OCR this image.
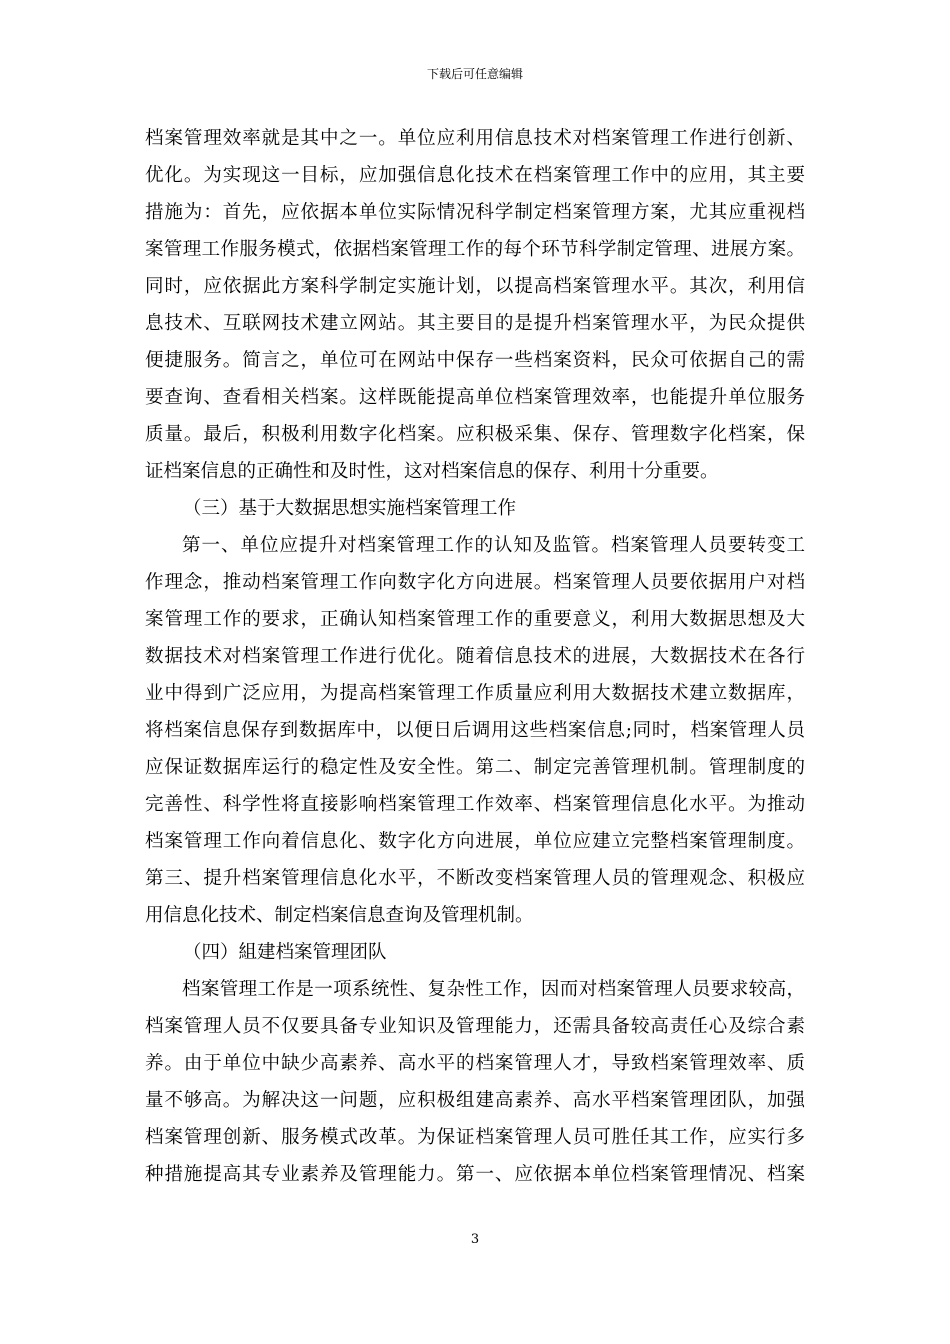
下载后可任意编辑
档案管理效率就是其中之一。单位应利用信息技术对档案管理工作进行创新、
优化。为实现这一目标，应加强信息化技术在档案管理工作中的应用，其主要
措施为：首先，应依据本单位实际情况科学制定档案管理方案，尤其应重视档
案管理工作服务模式，依据档案管理工作的每个环节科学制定管理、进展方案。
同时，应依据此方案科学制定实施计划，以提高档案管理水平。其次，利用信
息技术、互联网技术建立网站。其主要目的是提升档案管理水平，为民众提供
便捷服务。简言之，单位可在网站中保存一些档案资料，民众可依据自己的需
要查询、查看相关档案。这样既能提高单位档案管理效率，也能提升单位服务
质量。最后，积极利用数字化档案。应积极采集、保存、管理数字化档案，保
证档案信息的正确性和及时性，这对档案信息的保存、利用十分重要。
（三）基于大数据思想实施档案管理工作
第一、单位应提升对档案管理工作的认知及监管。档案管理人员要转变工
作理念，推动档案管理工作向数字化方向进展。档案管理人员要依据用户对档
案管理工作的要求，正确认知档案管理工作的重要意义，利用大数据思想及大
数据技术对档案管理工作进行优化。随着信息技术的进展，大数据技术在各行
业中得到广泛应用，为提高档案管理工作质量应利用大数据技术建立数据库，
将档案信息保存到数据库中，以便日后调用这些档案信息;同时，档案管理人员
应保证数据库运行的稳定性及安全性。第二、制定完善管理机制。管理制度的
完善性、科学性将直接影响档案管理工作效率、档案管理信息化水平。为推动
档案管理工作向着信息化、数字化方向进展，单位应建立完整档案管理制度。
第三、提升档案管理信息化水平，不断改变档案管理人员的管理观念、积极应
用信息化技术、制定档案信息查询及管理机制。
（四）組建档案管理团队
档案管理工作是一项系统性、复杂性工作，因而对档案管理人员要求较高，
档案管理人员不仅要具备专业知识及管理能力，还需具备较高责任心及综合素
养。由于单位中缺少高素养、高水平的档案管理人才，导致档案管理效率、质
量不够高。为解决这一问题，应积极组建高素养、高水平档案管理团队，加强
档案管理创新、服务模式改革。为保证档案管理人员可胜任其工作，应实行多
种措施提高其专业素养及管理能力。第一、应依据本单位档案管理情况、档案
3
